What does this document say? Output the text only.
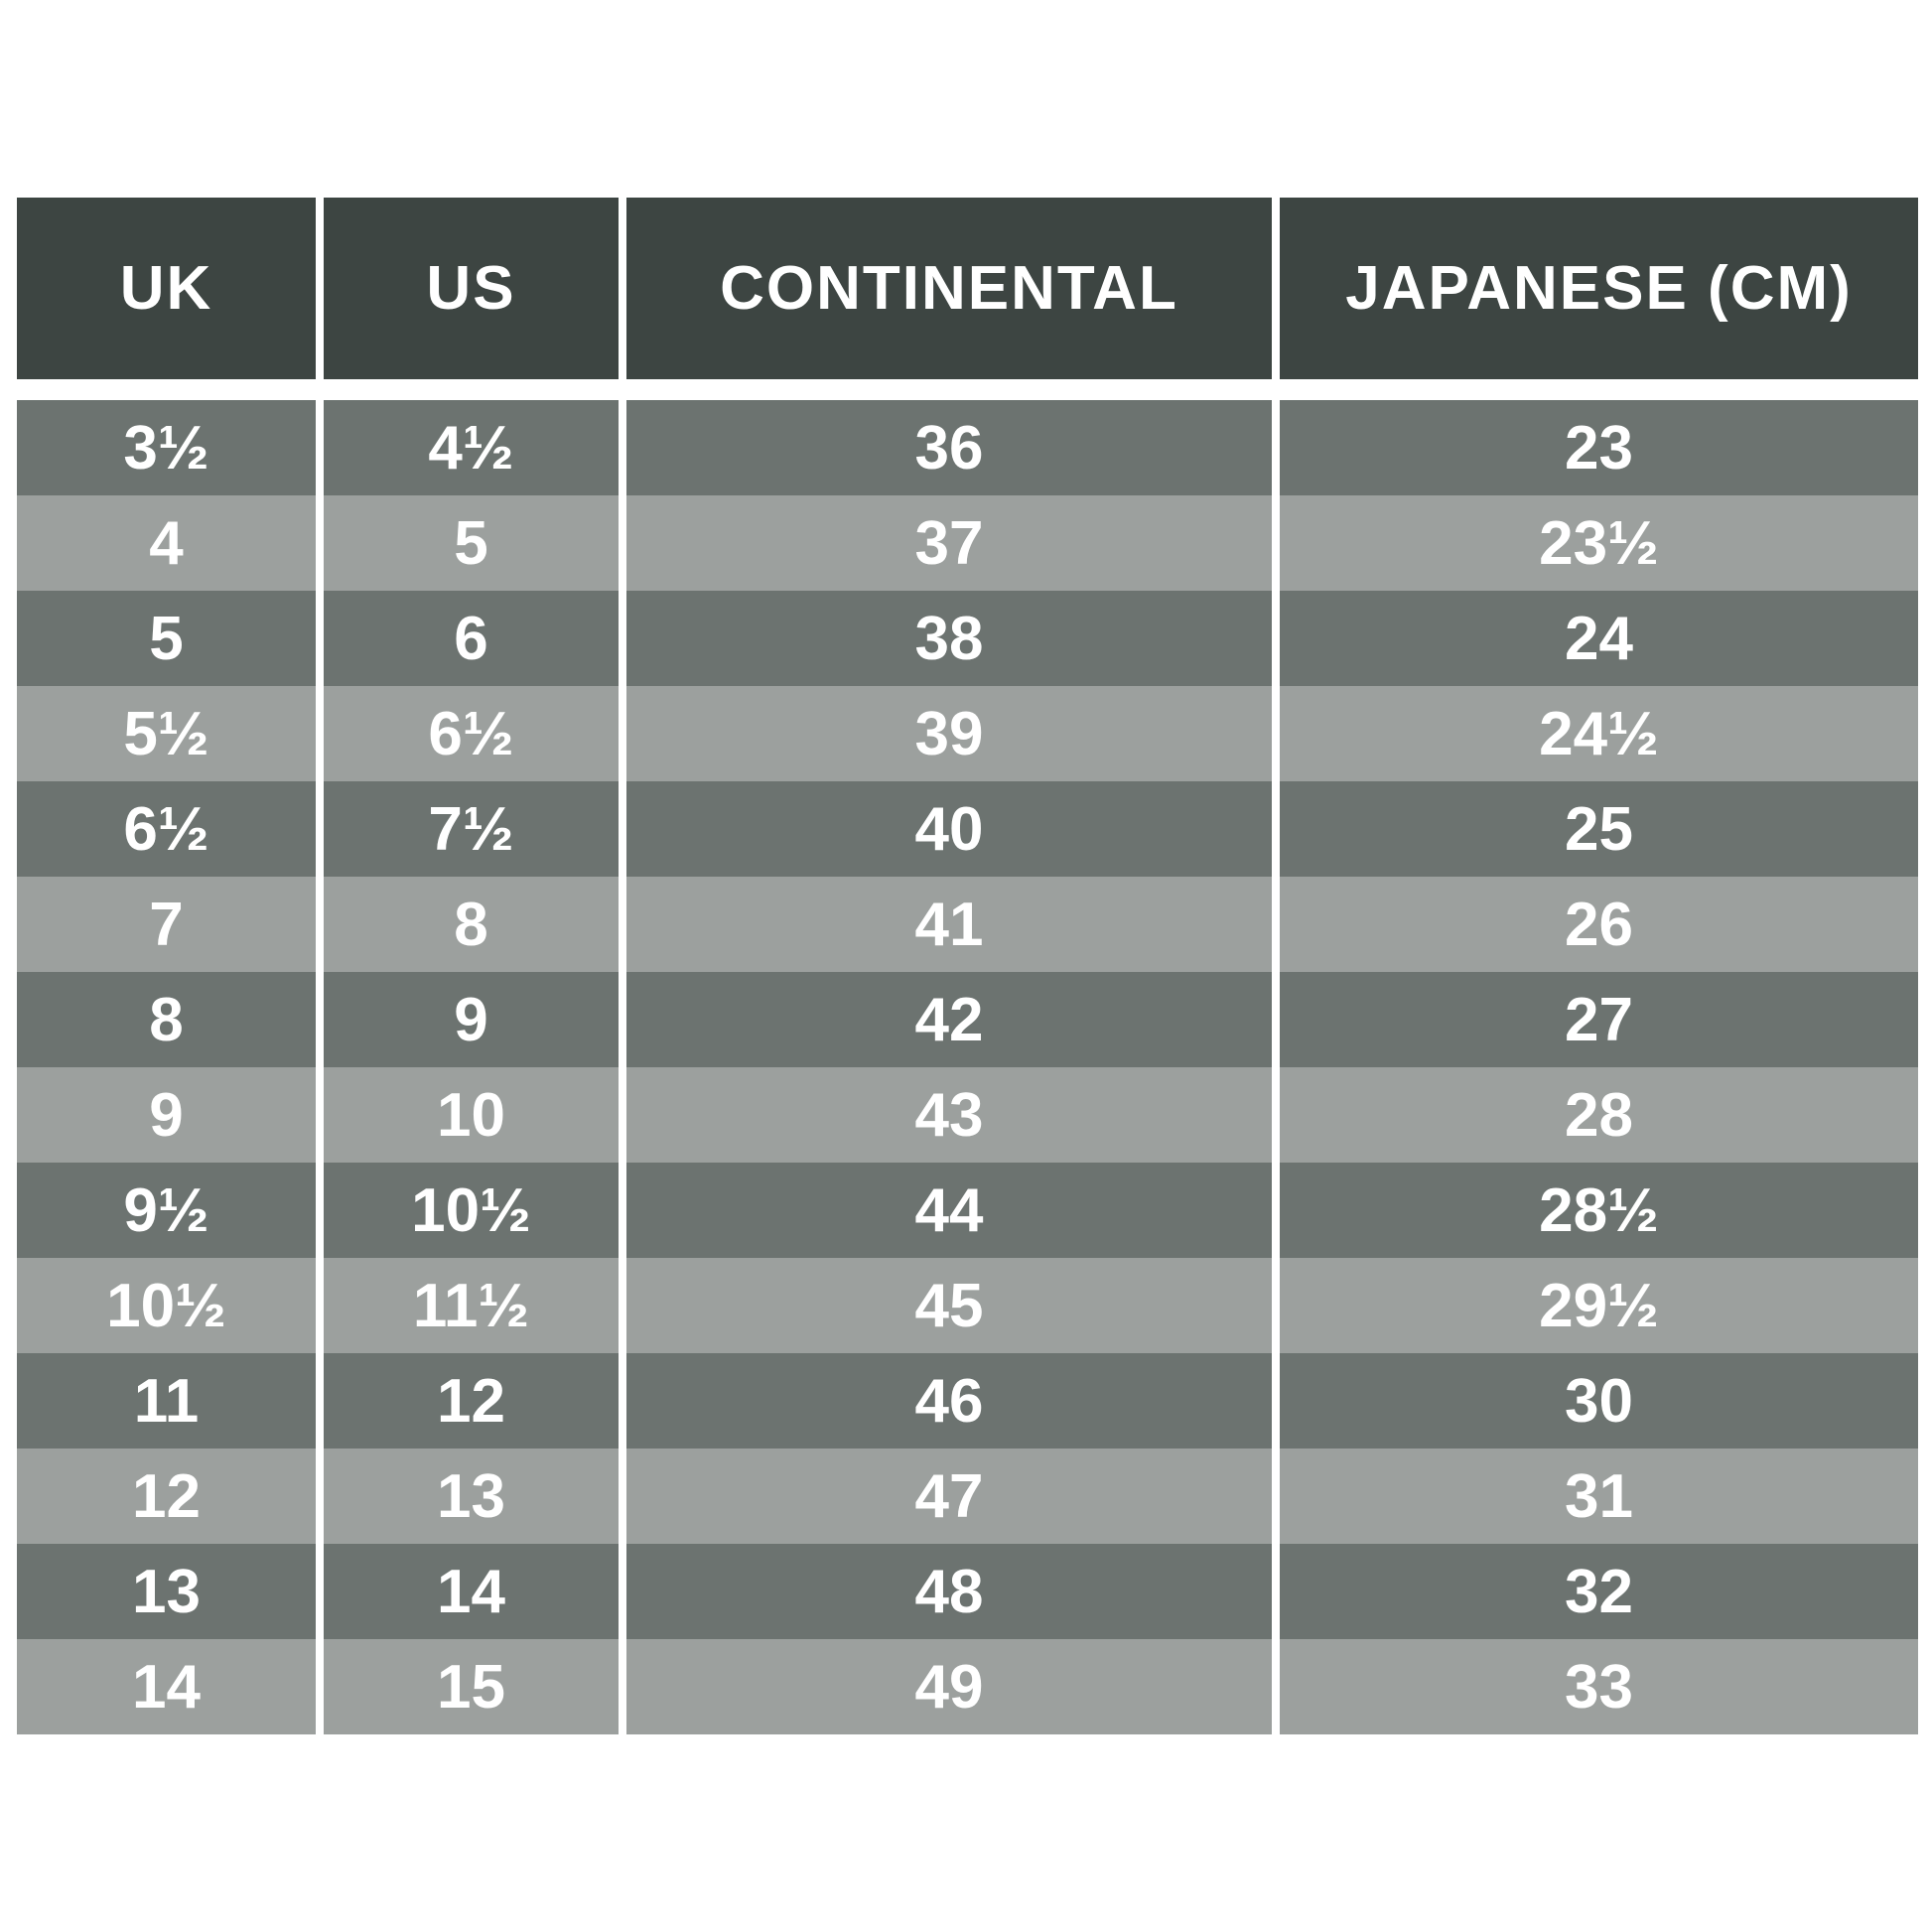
UK	US	CONTINENTAL	JAPANESE (CM)
3½	4½	36	23
4	5	37	23½
5	6	38	24
5½	6½	39	24½
6½	7½	40	25
7	8	41	26
8	9	42	27
9	10	43	28
9½	10½	44	28½
10½	11½	45	29½
11	12	46	30
12	13	47	31
13	14	48	32
14	15	49	33
